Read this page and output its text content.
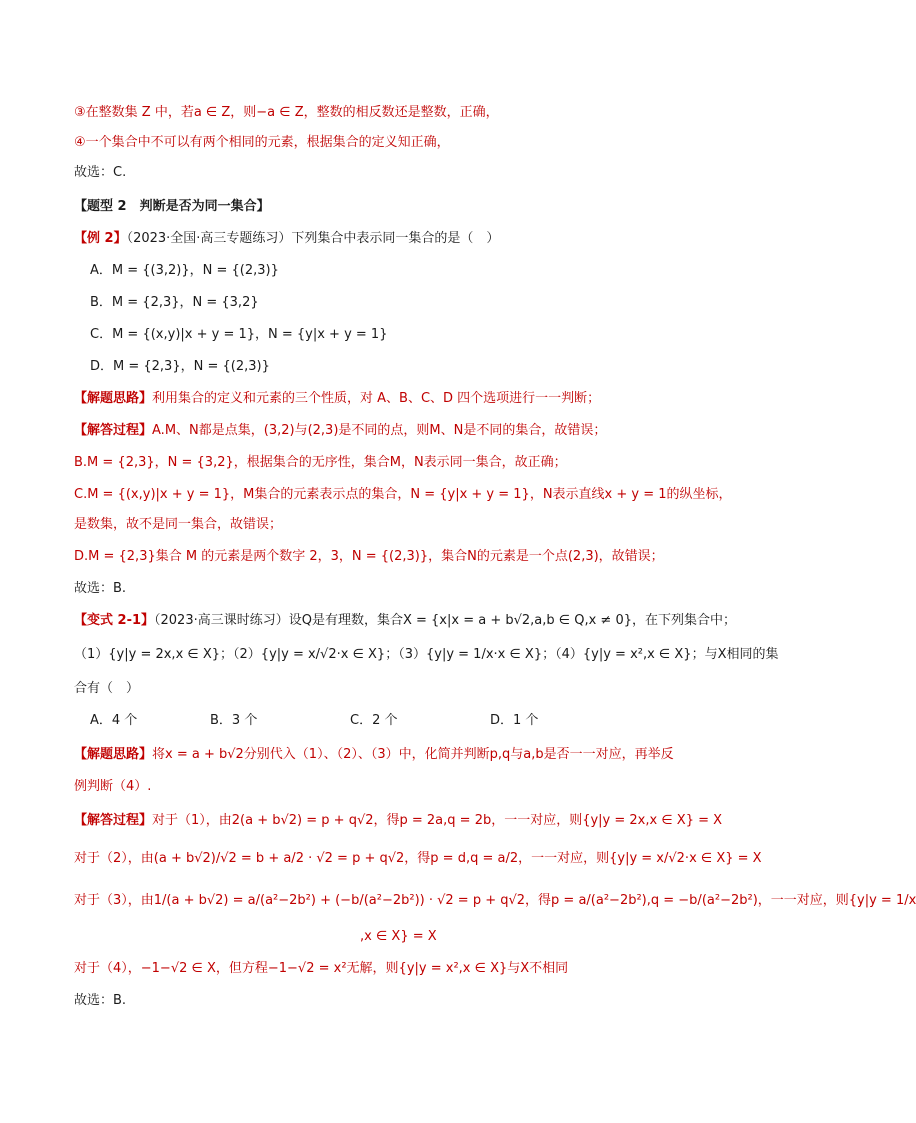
③在整数集 Z 中，若a ∈ Z，则−a ∈ Z，整数的相反数还是整数，正确，
④一个集合中不可以有两个相同的元素，根据集合的定义知正确，
故选：C.
【题型 2　判断是否为同一集合】
【例 2】（2023·全国·高三专题练习）下列集合中表示同一集合的是（　）
A．M = {(3,2)}，N = {(2,3)}
B．M = {2,3}，N = {3,2}
C．M = {(x,y)|x + y = 1}，N = {y|x + y = 1}
D．M = {2,3}，N = {(2,3)}
【解题思路】利用集合的定义和元素的三个性质，对 A、B、C、D 四个选项进行一一判断；
【解答过程】A.M、N都是点集，(3,2)与(2,3)是不同的点，则M、N是不同的集合，故错误；
B.M = {2,3}，N = {3,2}，根据集合的无序性，集合M，N表示同一集合，故正确；
C.M = {(x,y)|x + y = 1}，M集合的元素表示点的集合，N = {y|x + y = 1}，N表示直线x + y = 1的纵坐标，
是数集，故不是同一集合，故错误；
D.M = {2,3}集合 M 的元素是两个数字 2，3，N = {(2,3)}，集合N的元素是一个点(2,3)，故错误；
故选：B.
【变式 2-1】（2023·高三课时练习）设Q是有理数，集合X = {x|x = a + b√2,a,b ∈ Q,x ≠ 0}，在下列集合中；
（1）{y|y = 2x,x ∈ X}；（2）{y|y = x/√2·x ∈ X}；（3）{y|y = 1/x·x ∈ X}；（4）{y|y = x²,x ∈ X}；与X相同的集
合有（　）
A．4 个	B．3 个	C．2 个	D．1 个
【解题思路】将x = a + b√2分别代入（1）、（2）、（3）中，化简并判断p,q与a,b是否一一对应，再举反
例判断（4）.
【解答过程】对于（1），由2(a + b√2) = p + q√2，得p = 2a,q = 2b，一一对应，则{y|y = 2x,x ∈ X} = X
对于（2），由(a + b√2)/√2 = b + a/2 · √2 = p + q√2，得p = d,q = a/2，一一对应，则{y|y = x/√2·x ∈ X} = X
对于（3），由1/(a + b√2) = a/(a²−2b²) + (−b/(a²−2b²)) · √2 = p + q√2，得p = a/(a²−2b²),q = −b/(a²−2b²)，一一对应，则{y|y = 1/x
,x ∈ X} = X
对于（4），−1−√2 ∈ X，但方程−1−√2 = x²无解，则{y|y = x²,x ∈ X}与X不相同
故选：B.
